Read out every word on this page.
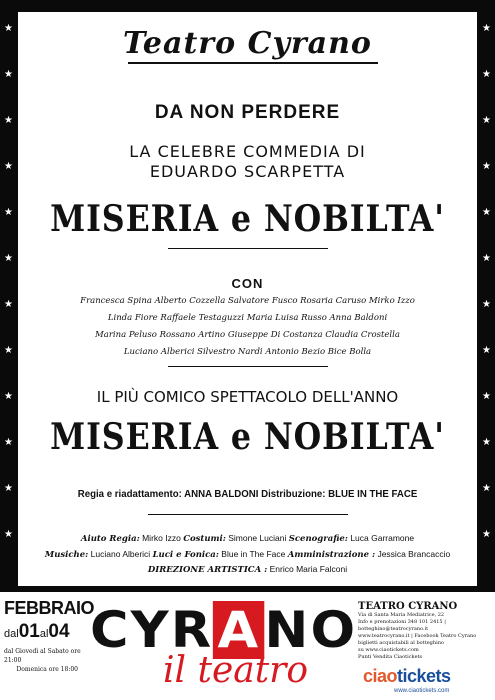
★
★
★
★
★
★
★
★
★
★
★
★
★
★
★
★
★
★
★
★
★
★
★
★
Teatro Cyrano
DA NON PERDERE
LA CELEBRE COMMEDIA DI
EDUARDO SCARPETTA
MISERIA e NOBILTA'
CON
Francesca Spina Alberto Cozzella Salvatore Fusco Rosaria Caruso Mirko Izzo
Linda Fiore Raffaele Testaguzzi Maria Luisa Russo Anna Baldoni
Marina Peluso Rossano Artino Giuseppe Di Costanza Claudia Crostella
Luciano Alberici Silvestro Nardi Antonio Bezio Bice Bolla
IL PIÙ COMICO SPETTACOLO DELL'ANNO
MISERIA e NOBILTA'
Regia e riadattamento: ANNA BALDONI Distribuzione: BLUE IN THE FACE
Aiuto Regia: Mirko Izzo Costumi: Simone Luciani Scenografie: Luca Garramone
Musiche: Luciano Alberici Luci e Fonica: Blue in The Face Amministrazione : Jessica Brancaccio
DIREZIONE ARTISTICA : Enrico Maria Falconi
FEBBRAIO
dal01al04
dal Giovedì al Sabato ore 21:00
Domenica ore 18:00
CYRANO
il teatro
TEATRO CYRANO
Via di Santa Maria Mediatrice, 22
Info e prenotazioni 348 101 2415 | botteghino@teatrocyrano.it
www.teatrocyrano.it | Facebook Teatro Cyrano
biglietti acquistabili al botteghino
su www.ciaotickets.com
Punti Vendita Ciaotickets
ciaotickets
www.ciaotickets.com
